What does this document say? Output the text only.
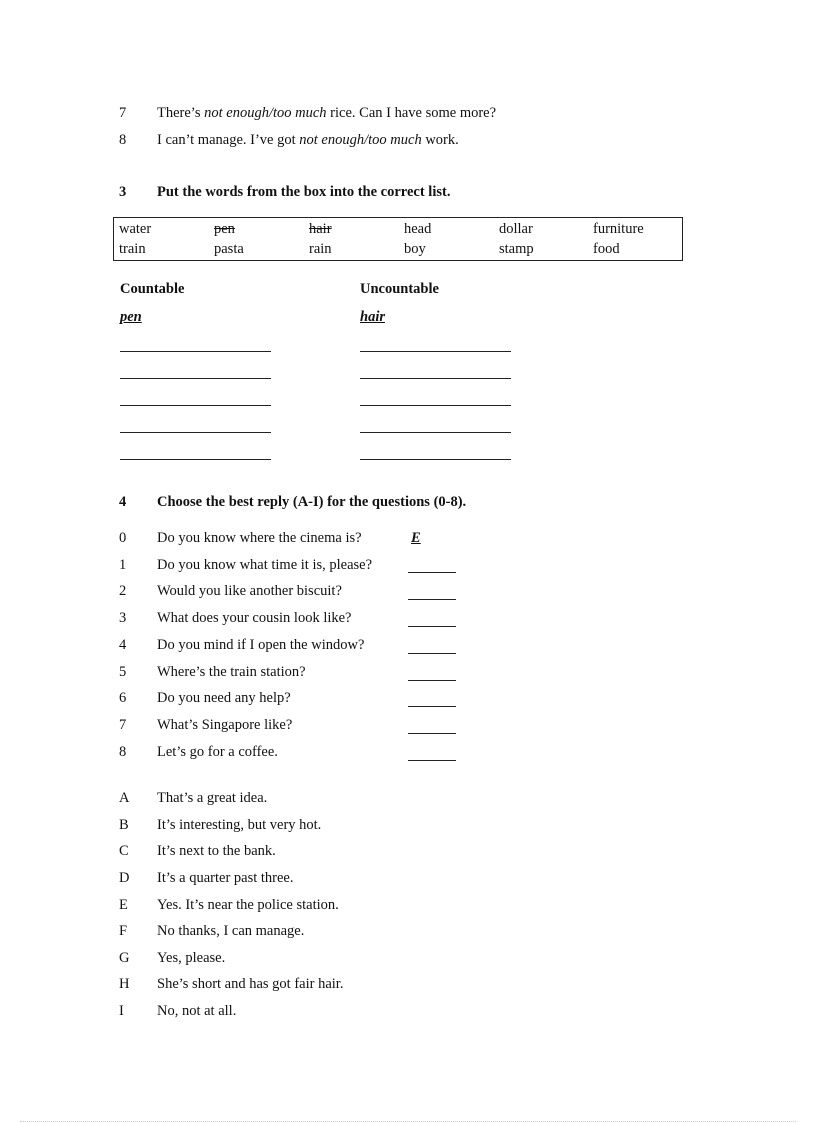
7 There’s not enough/too much rice. Can I have some more?
8 I can’t manage. I’ve got not enough/too much work.
3 Put the words from the box into the correct list.
water	pen	hair	head	dollar	furniture
train	pasta	rain	boy	stamp	food
Countable	Uncountable
pen	hair
4 Choose the best reply (A-I) for the questions (0-8).
0 Do you know where the cinema is?	E
1 Do you know what time it is, please?
2 Would you like another biscuit?
3 What does your cousin look like?
4 Do you mind if I open the window?
5 Where’s the train station?
6 Do you need any help?
7 What’s Singapore like?
8 Let’s go for a coffee.
A That’s a great idea.
B It’s interesting, but very hot.
C It’s next to the bank.
D It’s a quarter past three.
E Yes. It’s near the police station.
F No thanks, I can manage.
G Yes, please.
H She’s short and has got fair hair.
I No, not at all.
